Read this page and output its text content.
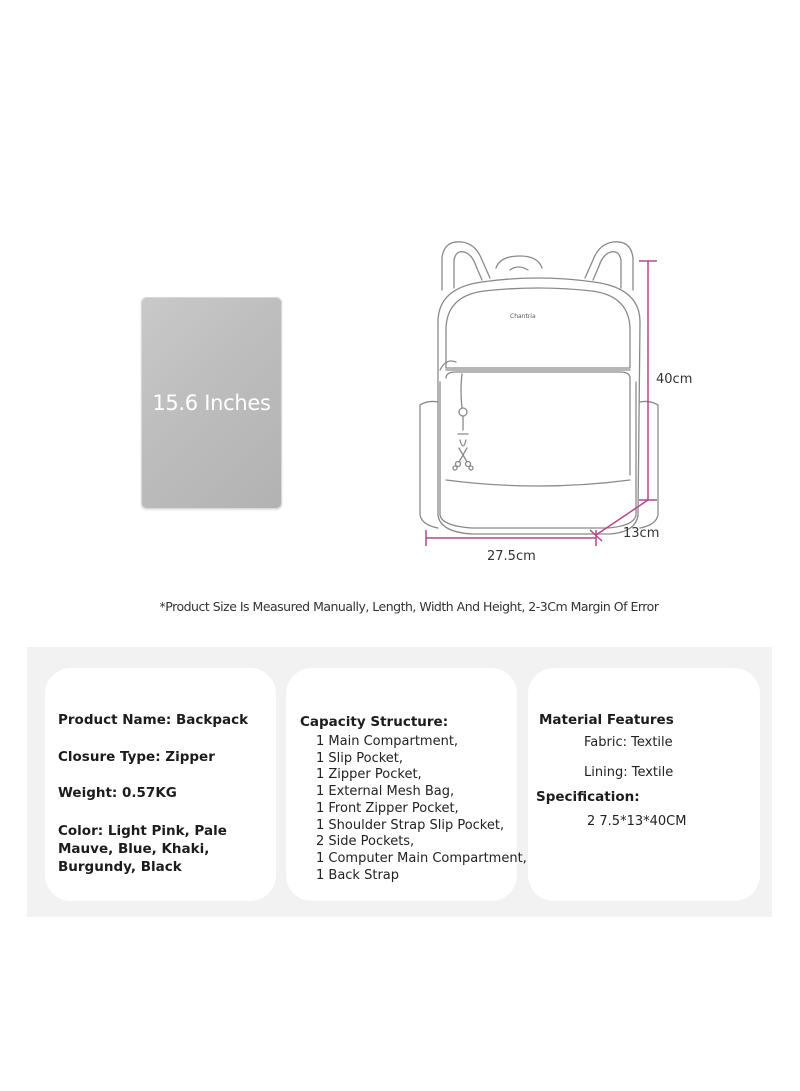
15.6 Inches
Chantria
40cm
13cm
27.5cm
*Product Size Is Measured Manually, Length, Width And Height, 2-3Cm Margin Of Error
Product Name: Backpack
Closure Type: Zipper
Weight: 0.57KG
Color: Light Pink, Pale Mauve, Blue, Khaki, Burgundy, Black
Capacity Structure:
1 Main Compartment,
1 Slip Pocket,
1 Zipper Pocket,
1 External Mesh Bag,
1 Front Zipper Pocket,
1 Shoulder Strap Slip Pocket,
2 Side Pockets,
1 Computer Main Compartment,
1 Back Strap
Material Features
Fabric: Textile
Lining: Textile
Specification:
2 7.5*13*40CM
